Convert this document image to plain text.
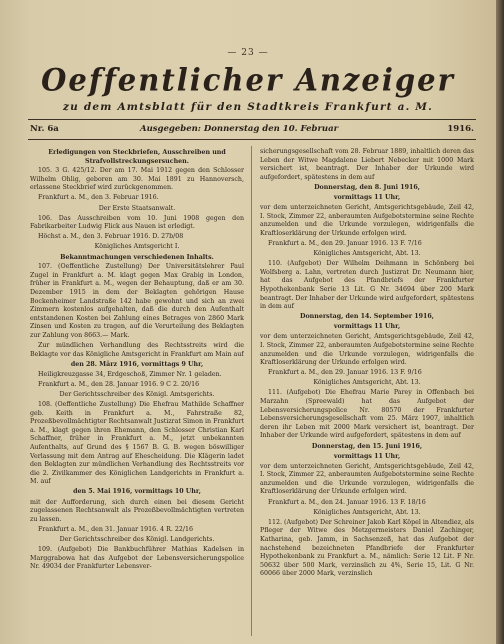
— 23 —
Oeffentlicher Anzeiger
zu dem Amtsblatt für den Stadtkreis Frankfurt a. M.
Nr. 6a	Ausgegeben: Donnerstag den 10. Februar	1916.
Erledigungen von Steckbriefen, Ausschreiben und Strafvollstreckungsersuchen.
105. 3 G. 425/12. Der am 17. Mai 1912 gegen den Schlosser Wilhelm Ohlig, geboren am 30. Mai 1891 zu Hannoversch, erlassene Steckbrief wird zurückgenommen.
Frankfurt a. M., den 3. Februar 1916.
Der Erste Staatsanwalt.
106. Das Ausschreiben vom 10. Juni 1908 gegen den Fabrikarbeiter Ludwig Flick aus Nauen ist erledigt.
Höchst a. M., den 3. Februar 1916. D. 27b/08
Königliches Amtsgericht I.
Bekanntmachungen verschiedenen Inhalts.
107. (Oeffentliche Zustellung) Der Universitätslehrer Paul Zugel in Frankfurt a. M. klagt gegen Max Grabig in London, früher in Frankfurt a. M., wegen der Behauptung, daß er am 30. Dezember 1915 in dem der Beklagten gehörigen Hause Bockenheimer Landstraße 142 habe gewohnt und sich an zwei Zimmern kostenlos aufgehalten, daß die durch den Aufenthalt entstandenen Kosten bei Zahlung eines Betrages von 2860 Mark Zinsen und Kosten zu tragen, auf die Verurteilung des Beklagten zur Zahlung von 8663.— Mark.
Zur mündlichen Verhandlung des Rechtsstreits wird die Beklagte vor das Königliche Amtsgericht in Frankfurt am Main auf
den 28. März 1916, vormittags 9 Uhr,
Heiligkreuzgasse 34, Erdgeschoß, Zimmer Nr. 1 geladen.
Frankfurt a. M., den 28. Januar 1916. 9 C 2. 20/16
Der Gerichtsschreiber des Königl. Amtsgerichts.
108. (Oeffentliche Zustellung) Die Ehefrau Mathilde Schaffner geb. Keith in Frankfurt a. M., Fahrstraße 82, Prozeßbevollmächtigter Rechtsanwalt Justizrat Simon in Frankfurt a. M., klagt gegen ihren Ehemann, den Schlosser Christian Karl Schaffner, früher in Frankfurt a. M., jetzt unbekannten Aufenthalts, auf Grund des § 1567 B. G. B. wegen böswilliger Verlassung mit dem Antrag auf Ehescheidung. Die Klägerin ladet den Beklagten zur mündlichen Verhandlung des Rechtsstreits vor die 2. Zivilkammer des Königlichen Landgerichts in Frankfurt a. M. auf
den 5. Mai 1916, vormittags 10 Uhr,
mit der Aufforderung, sich durch einen bei diesem Gericht zugelassenen Rechtsanwalt als Prozeßbevollmächtigten vertreten zu lassen.
Frankfurt a. M., den 31. Januar 1916. 4 R. 22/16
Der Gerichtsschreiber des Königl. Landgerichts.
109. (Aufgebot) Die Bankbuchführer Mathias Kadelsen in Marggrabowa hat das Aufgebot der Lebensversicherungspolice Nr. 49034 der Frankfurter Lebensver-
sicherungsgesellschaft vom 28. Februar 1889, inhaltlich deren das Leben der Witwe Magdalene Liebert Nebecker mit 1000 Mark versichert ist, beantragt. Der Inhaber der Urkunde wird aufgefordert, spätestens in dem auf
Donnerstag, den 8. Juni 1916,
vormittags 11 Uhr,
vor dem unterzeichneten Gericht, Amtsgerichtsgebäude, Zeil 42, I. Stock, Zimmer 22, anberaumten Aufgebotstermine seine Rechte anzumelden und die Urkunde vorzulegen, widrigenfalls die Kraftloserklärung der Urkunde erfolgen wird.
Frankfurt a. M., den 29. Januar 1916. 13 F. 7/16
Königliches Amtsgericht, Abt. 13.
110. (Aufgebot) Der Wilhelm Deihmann in Schönberg bei Wolfsberg a. Lahn, vertreten durch Justizrat Dr. Neumann hier, hat das Aufgebot des Pfandbriefs der Frankfurter Hypothekenbank Serie 13 Lit. G Nr. 34694 über 200 Mark beantragt. Der Inhaber der Urkunde wird aufgefordert, spätestens in dem auf
Donnerstag, den 14. September 1916,
vormittags 11 Uhr,
vor dem unterzeichneten Gericht, Amtsgerichtsgebäude, Zeil 42, I. Stock, Zimmer 22, anberaumten Aufgebotstermine seine Rechte anzumelden und die Urkunde vorzulegen, widrigenfalls die Kraftloserklärung der Urkunde erfolgen wird.
Frankfurt a. M., den 29. Januar 1916. 13 F. 9/16
Königliches Amtsgericht, Abt. 13.
111. (Aufgebot) Die Ehefrau Marie Parey in Offenbach bei Marzahn (Spreewald) hat das Aufgebot der Lebensversicherungspolice Nr. 80570 der Frankfurter Lebensversicherungsgesellschaft vom 25. März 1907, inhaltlich deren ihr Leben mit 2000 Mark versichert ist, beantragt. Der Inhaber der Urkunde wird aufgefordert, spätestens in dem auf
Donnerstag, den 15. Juni 1916,
vormittags 11 Uhr,
vor dem unterzeichneten Gericht, Amtsgerichtsgebäude, Zeil 42, I. Stock, Zimmer 22, anberaumten Aufgebotstermine seine Rechte anzumelden und die Urkunde vorzulegen, widrigenfalls die Kraftloserklärung der Urkunde erfolgen wird.
Frankfurt a. M., den 24. Januar 1916. 13 F. 18/16
Königliches Amtsgericht, Abt. 13.
112. (Aufgebot) Der Schreiner Jakob Karl Köpel in Altendiez, als Pfleger der Witwe des Metzgermeisters Daniel Zachinger, Katharina, geb. Jamm, in Sachsenzeß, hat das Aufgebot der nachstehend bezeichneten Pfandbriefe der Frankfurter Hypothekenbank zu Frankfurt a. M., nämlich: Serie 12 Lit. F Nr. 50632 über 500 Mark, verzinslich zu 4%, Serie 15, Lit. G Nr. 60066 über 2000 Mark, verzinslich
